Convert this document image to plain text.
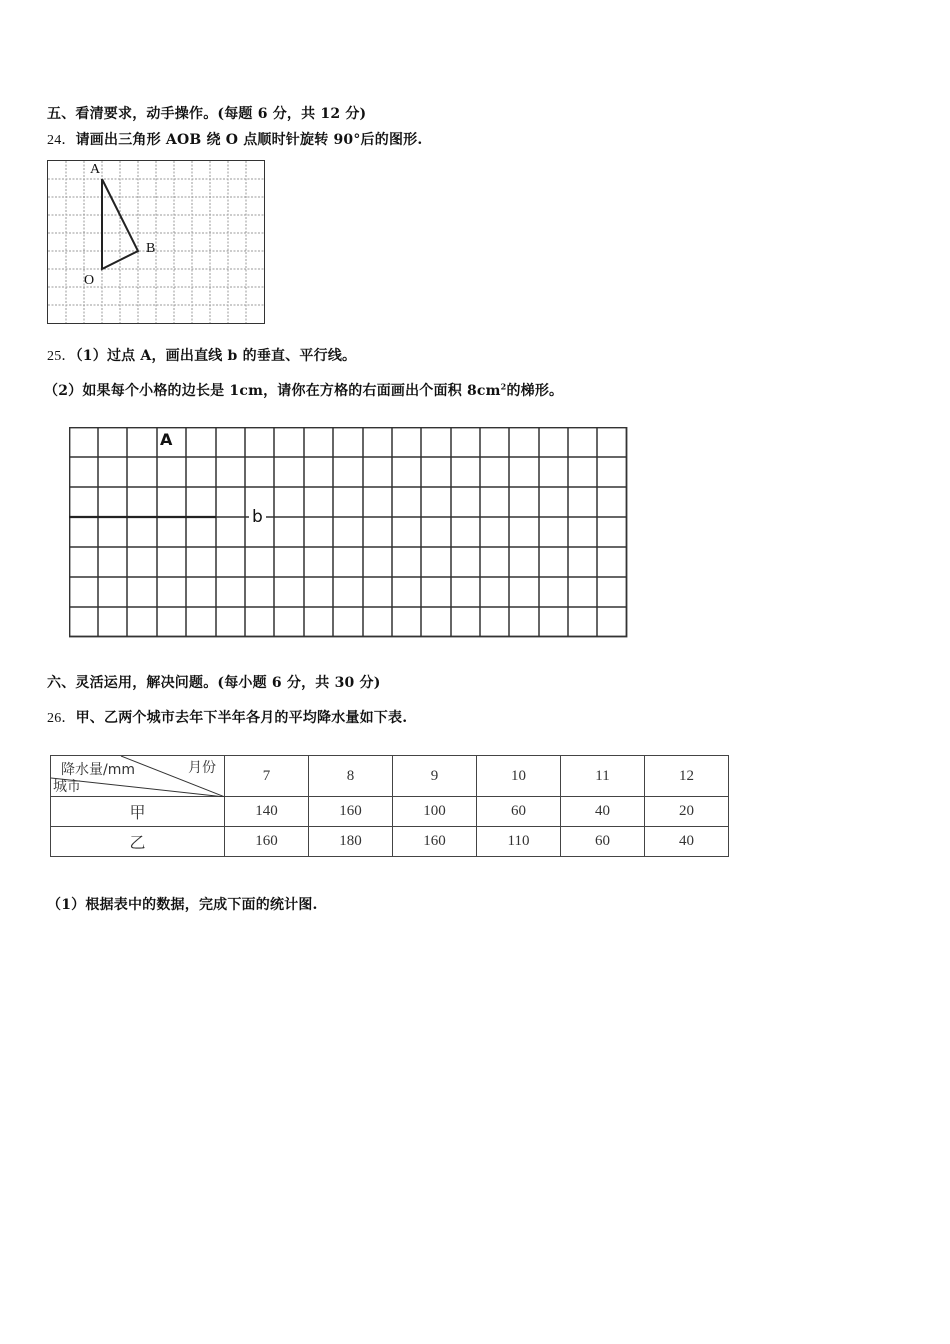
五、看清要求，动手操作。(每题 6 分，共 12 分)
24．请画出三角形 AOB 绕 O 点顺时针旋转 90°后的图形.
A
B
O
25．（1）过点 A，画出直线 b 的垂直、平行线。
（2）如果每个小格的边长是 1cm，请你在方格的右面画出个面积 $8cm^2$的梯形。
A
b
六、灵活运用，解决问题。(每小题 6 分，共 30 分)
26．甲、乙两个城市去年下半年各月的平均降水量如下表.
降水量/mm 月份
城市	7	8	9	10	11	12
甲	140	160	100	60	40	20
乙	160	180	160	110	60	40
（1）根据表中的数据，完成下面的统计图.
